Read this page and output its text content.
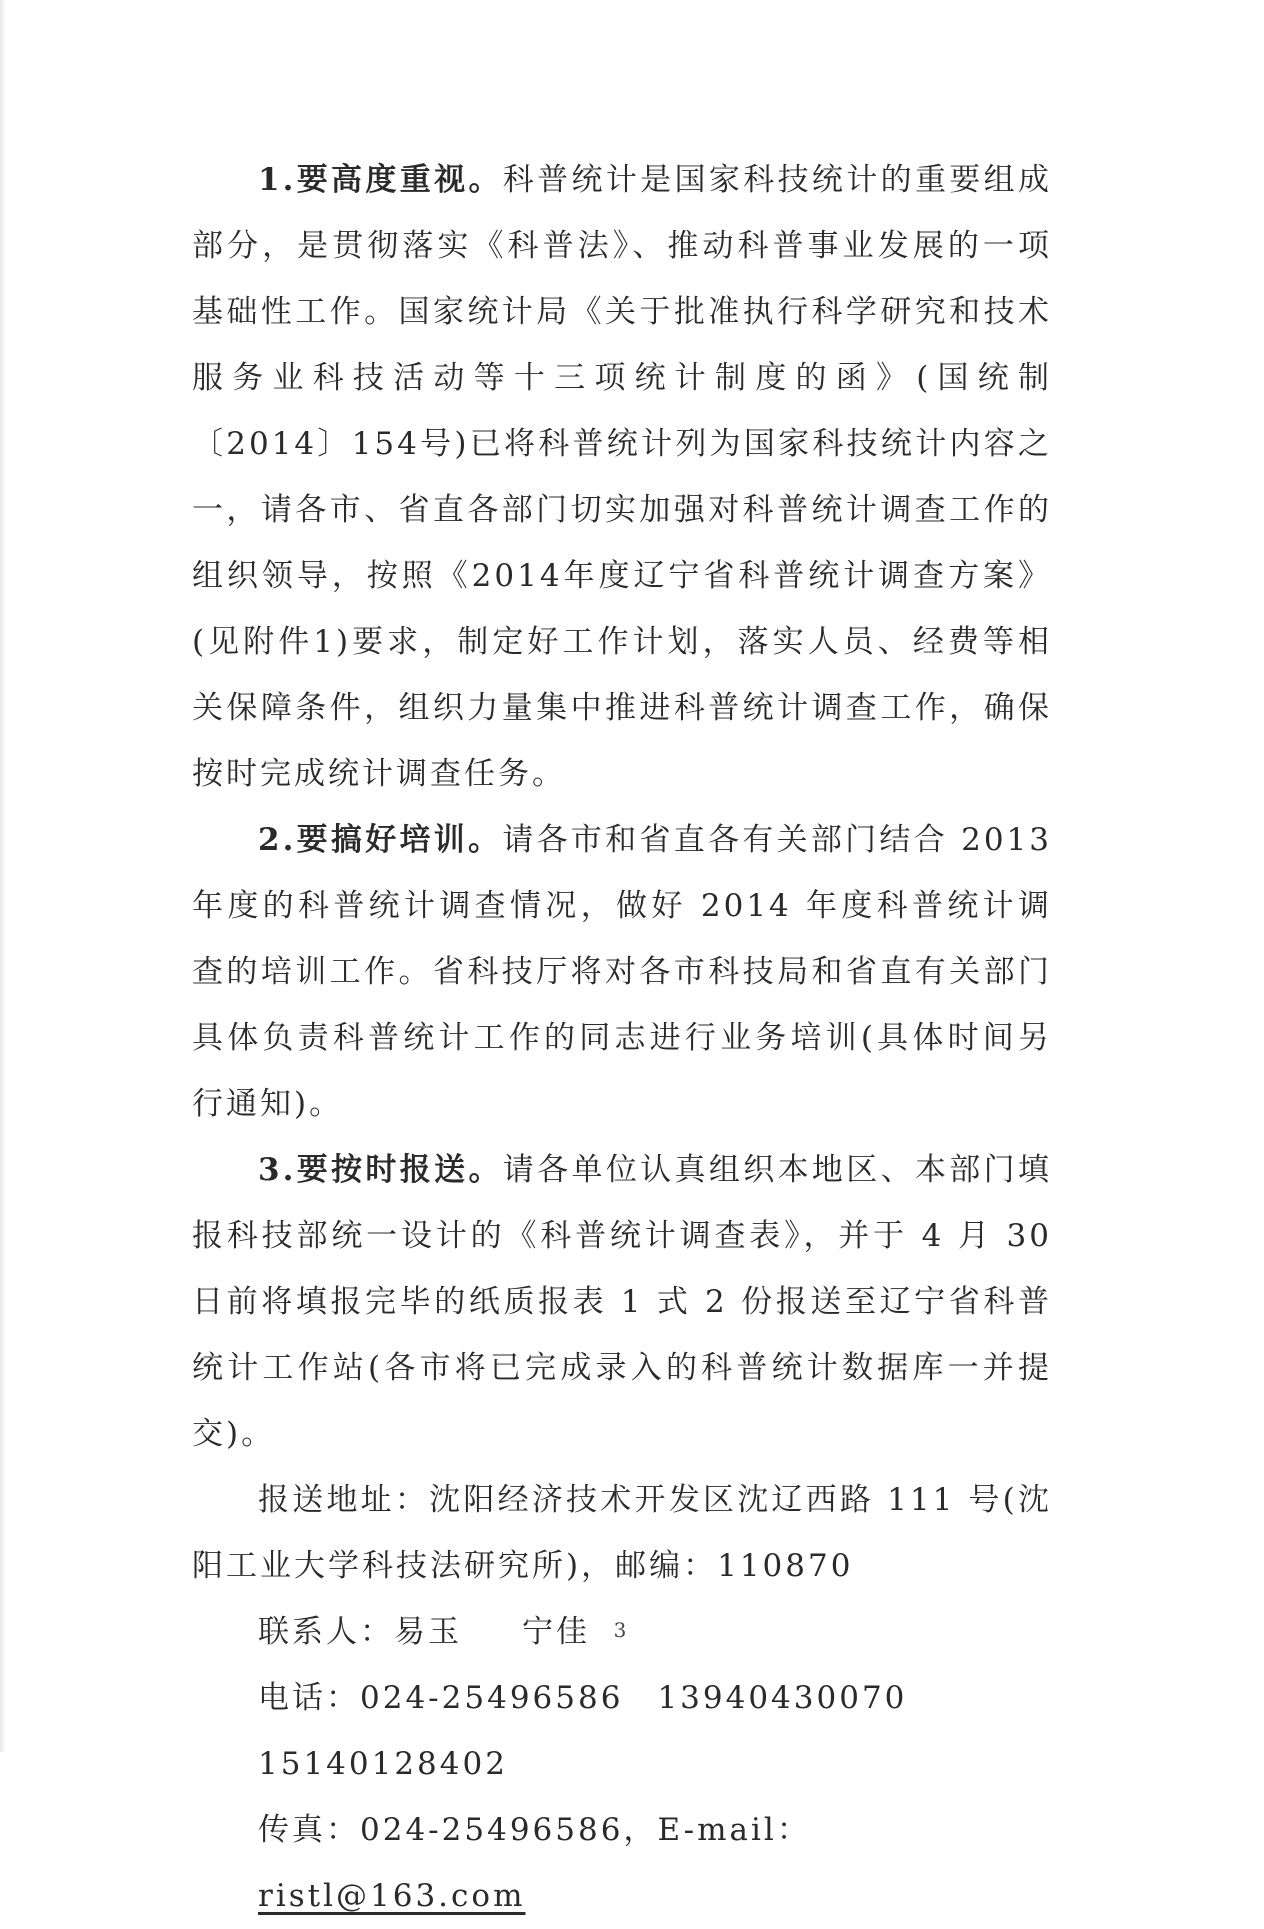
1.要高度重视。科普统计是国家科技统计的重要组成部分，是贯彻落实《科普法》、推动科普事业发展的一项基础性工作。国家统计局《关于批准执行科学研究和技术服务业科技活动等十三项统计制度的函》(国统制〔2014〕154号)已将科普统计列为国家科技统计内容之一，请各市、省直各部门切实加强对科普统计调查工作的组织领导，按照《2014年度辽宁省科普统计调查方案》(见附件1)要求，制定好工作计划，落实人员、经费等相关保障条件，组织力量集中推进科普统计调查工作，确保按时完成统计调查任务。

2.要搞好培训。请各市和省直各有关部门结合 2013 年度的科普统计调查情况，做好 2014 年度科普统计调查的培训工作。省科技厅将对各市科技局和省直有关部门具体负责科普统计工作的同志进行业务培训(具体时间另行通知)。

3.要按时报送。请各单位认真组织本地区、本部门填报科技部统一设计的《科普统计调查表》，并于 4 月 30 日前将填报完毕的纸质报表 1 式 2 份报送至辽宁省科普统计工作站(各市将已完成录入的科普统计数据库一并提交)。

报送地址：沈阳经济技术开发区沈辽西路 111 号(沈阳工业大学科技法研究所)，邮编：110870

联系人：易玉 宁佳

电话：024-25496586 1394043007015140128402

传真：024-25496586，E-mail：ristl@163.com

3
